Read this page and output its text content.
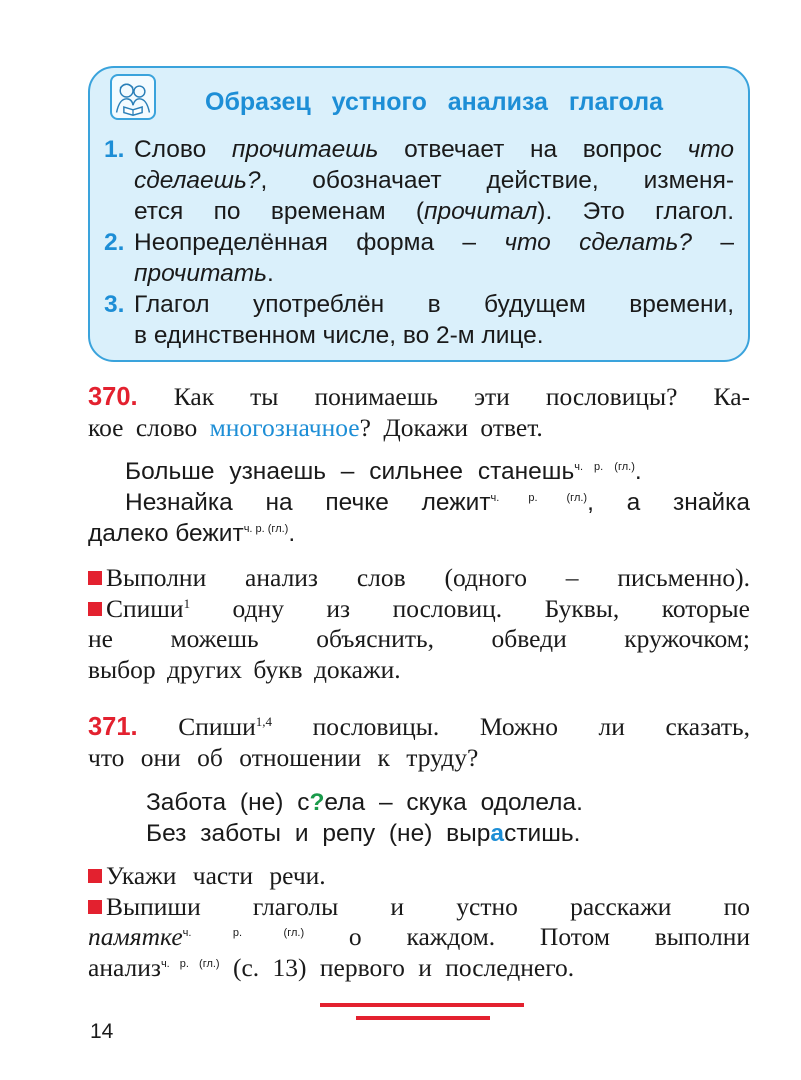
Образец устного анализа глагола
1. Слово прочитаешь отвечает на вопрос что
сделаешь?, обозначает действие, изменя-
ется по временам (прочитал). Это глагол.
2. Неопределённая форма – что сделать? –
прочитать.
3. Глагол употреблён в будущем времени,
в единственном числе, во 2-м лице.
370. Как ты понимаешь эти пословицы? Ка-
кое слово многозначное? Докажи ответ.
Больше узнаешь – сильнее станешь$^{ч. р. (гл.)}$.
Незнайка на печке лежит$^{ч. р. (гл.)}$, а знайка
далеко бежит$^{ч. р. (гл.)}$.
Выполни анализ слов (одного – письменно).
Спиши$^1$ одну из пословиц. Буквы, которые
не можешь объяснить, обведи кружочком;
выбор других букв докажи.
371. Спиши$^{1,4}$ пословицы. Можно ли сказать,
что они об отношении к труду?
Забота (не) с?ела – скука одолела.
Без заботы и репу (не) вырастишь.
Укажи части речи.
Выпиши глаголы и устно расскажи по
памятке$^{ч. р. (гл.)}$ о каждом. Потом выполни
анализ$^{ч. р. (гл.)}$ (с. 13) первого и последнего.
14
